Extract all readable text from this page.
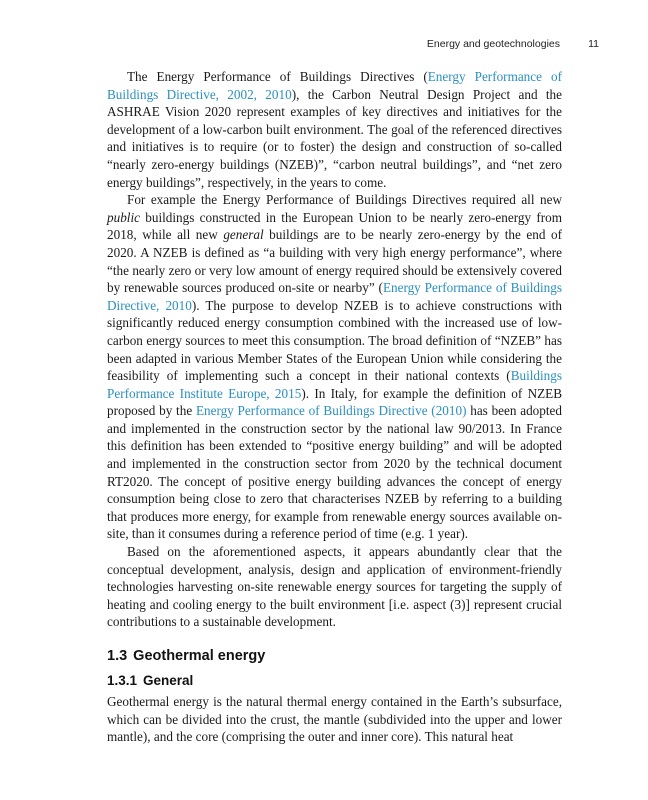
Energy and geotechnologies	11

The Energy Performance of Buildings Directives (Energy Performance of Buildings Directive, 2002, 2010), the Carbon Neutral Design Project and the ASHRAE Vision 2020 represent examples of key directives and initiatives for the development of a low-carbon built environment. The goal of the referenced directives and initiatives is to require (or to foster) the design and construction of so-called “nearly zero-energy buildings (NZEB)”, “carbon neutral buildings”, and “net zero energy buildings”, respectively, in the years to come.

For example the Energy Performance of Buildings Directives required all new public buildings constructed in the European Union to be nearly zero-energy from 2018, while all new general buildings are to be nearly zero-energy by the end of 2020. A NZEB is defined as “a building with very high energy performance”, where “the nearly zero or very low amount of energy required should be extensively covered by renewable sources produced on-site or nearby” (Energy Performance of Buildings Directive, 2010). The purpose to develop NZEB is to achieve constructions with significantly reduced energy consumption combined with the increased use of low-carbon energy sources to meet this consumption. The broad definition of “NZEB” has been adapted in various Member States of the European Union while considering the feasibility of implementing such a concept in their national contexts (Buildings Performance Institute Europe, 2015). In Italy, for example the definition of NZEB proposed by the Energy Performance of Buildings Directive (2010) has been adopted and implemented in the construction sector by the national law 90/2013. In France this definition has been extended to “positive energy building” and will be adopted and implemented in the construction sector from 2020 by the technical document RT2020. The concept of positive energy building advances the concept of energy consumption being close to zero that characterises NZEB by referring to a building that produces more energy, for example from renewable energy sources available on-site, than it consumes during a reference period of time (e.g. 1 year).

Based on the aforementioned aspects, it appears abundantly clear that the conceptual development, analysis, design and application of environment-friendly technologies harvesting on-site renewable energy sources for targeting the supply of heating and cooling energy to the built environment [i.e. aspect (3)] represent crucial contributions to a sustainable development.

1.3 Geothermal energy
1.3.1 General

Geothermal energy is the natural thermal energy contained in the Earth’s subsurface, which can be divided into the crust, the mantle (subdivided into the upper and lower mantle), and the core (comprising the outer and inner core). This natural heat
